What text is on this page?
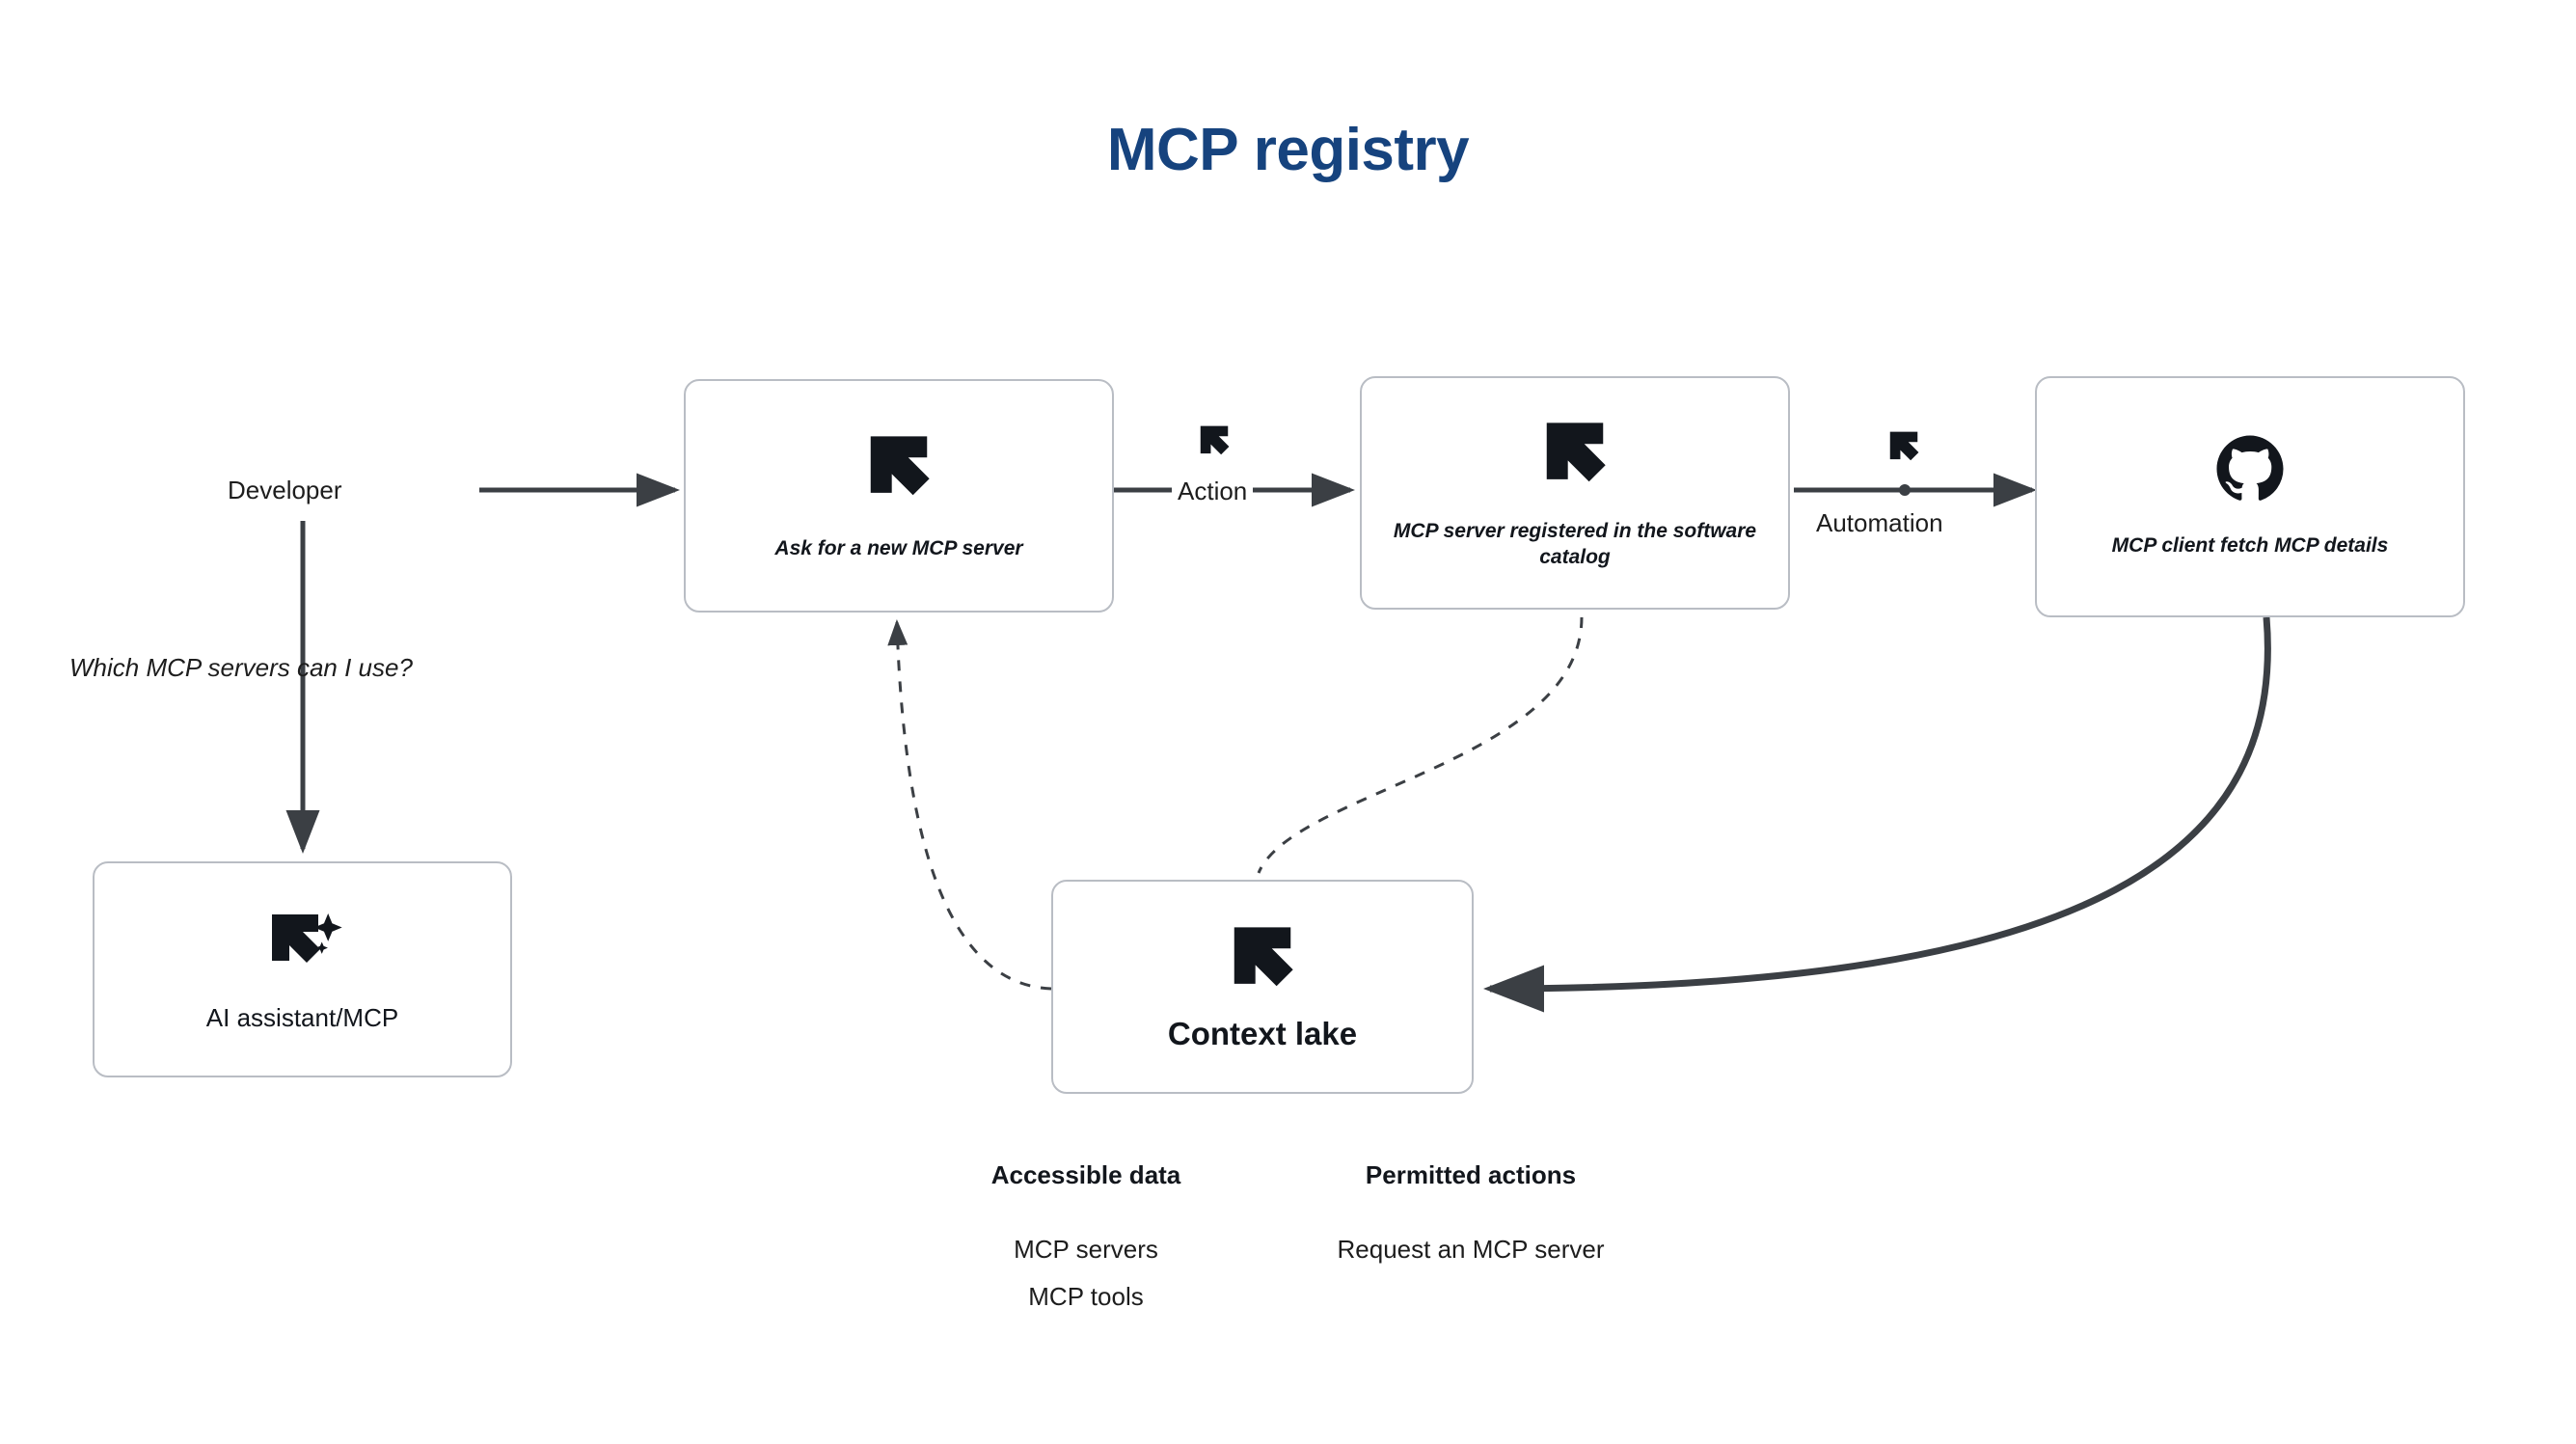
MCP registry
Developer
Which MCP servers can I use?
AI assistant/MCP
Ask for a new MCP server
Action
MCP server registered in the software catalog
Automation
MCP client fetch MCP details
Context lake
Accessible data
MCP servers
MCP tools
Permitted actions
Request an MCP server
